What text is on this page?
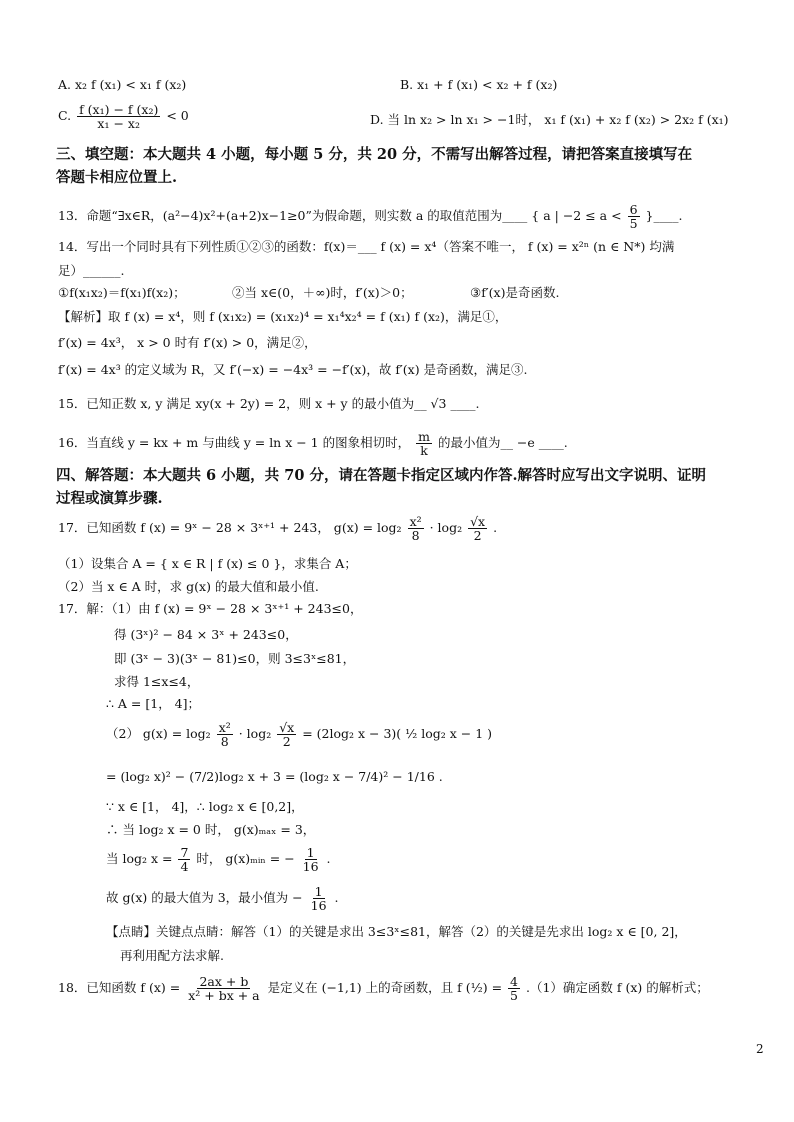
A. x₂ f (x₁) < x₁ f (x₂)	B. x₁ + f (x₁) < x₂ + f (x₂)
C. $\frac{\text{f (x₁) − f (x₂)}}{\text{x₁ − x₂}} < 0$	D. 当 ln x₂ > ln x₁ > −1时， x₁ f (x₁) + x₂ f (x₂) > 2x₂ f (x₁)
三、填空题：本大题共 4 小题，每小题 5 分，共 20 分，不需写出解答过程，请把答案直接填写在
答题卡相应位置上.
13．命题“∃x∈R，(a²−4)x²+(a+2)x−1≥0”为假命题，则实数 a 的取值范围为____ { a | $-2 \le a < \frac{6}{5}$ }____.
14．写出一个同时具有下列性质①②③的函数：f(x)＝___ f (x) = x⁴（答案不唯一， f (x) = x²ⁿ (n ∈ N*) 均满
足）______.
①f(x₁x₂)＝f(x₁)f(x₂)；	②当 x∈(0，＋∞)时，f′(x)＞0；	③f′(x)是奇函数.
【解析】取 f (x) = x⁴，则 f (x₁x₂) = (x₁x₂)⁴ = x₁⁴x₂⁴ = f (x₁) f (x₂)，满足①，
f′(x) = 4x³， x > 0 时有 f′(x) > 0，满足②，
f′(x) = 4x³ 的定义域为 R，又 f′(−x) = −4x³ = −f′(x)，故 f′(x) 是奇函数，满足③.
15．已知正数 x, y 满足 xy(x + 2y) = 2，则 x + y 的最小值为__ √3 ____.
16．当直线 y = kx + m 与曲线 y = ln x − 1 的图象相切时， $\frac{m}{k}$ 的最小值为__ −e ____.
四、解答题：本大题共 6 小题，共 70 分，请在答题卡指定区域内作答.解答时应写出文字说明、证明
过程或演算步骤.
17．已知函数 f (x) = 9ˣ − 28 × 3ˣ⁺¹ + 243， $g(x) = \log_2 \frac{\text{x²}}{8} \cdot \log_2 \frac{√x}{2}$ .
（1）设集合 A = { x ∈ R | f (x) ≤ 0 }，求集合 A；
（2）当 x ∈ A 时，求 g(x) 的最大值和最小值.
17．解：（1）由 f (x) = 9ˣ − 28 × 3ˣ⁺¹ + 243≤0，
得 (3ˣ)² − 84 × 3ˣ + 243≤0，
即 (3ˣ − 3)(3ˣ − 81)≤0，则 3≤3ˣ≤81，
求得 1≤x≤4，
∴ A = [1， 4]；
（2） $g(x) = \log_2 \frac{\text{x²}}{8} \cdot \log_2 \frac{√x}{2} = (2\log_2$ x − 3)( ½ log₂ x − 1 )
= (log₂ x)² − (7/2)log₂ x + 3 = (log₂ x − 7/4)² − 1/16 .
∵ x ∈ [1， 4]，∴ log₂ x ∈ [0,2]，
∴ 当 log₂ x = 0 时， g(x)ₘₐₓ = 3，
当 log₂ $x = \frac{7}{4}$ 时， g(x)ₘᵢₙ = − $\frac{1}{16}$ .
故 g(x) 的最大值为 3，最小值为 − $\frac{1}{16}$ .
【点睛】关键点点睛：解答（1）的关键是求出 3≤3ˣ≤81，解答（2）的关键是先求出 log₂ x ∈ [0, 2]，
再利用配方法求解.
18．已知函数 f $(x) = \frac{2ax + b}{\text{x² + bx + a}}$ 是定义在 (−1,1) 上的奇函数，且 f (½) = $\frac{4}{5} .(1)$确定函数 f (x) 的解析式；
2
